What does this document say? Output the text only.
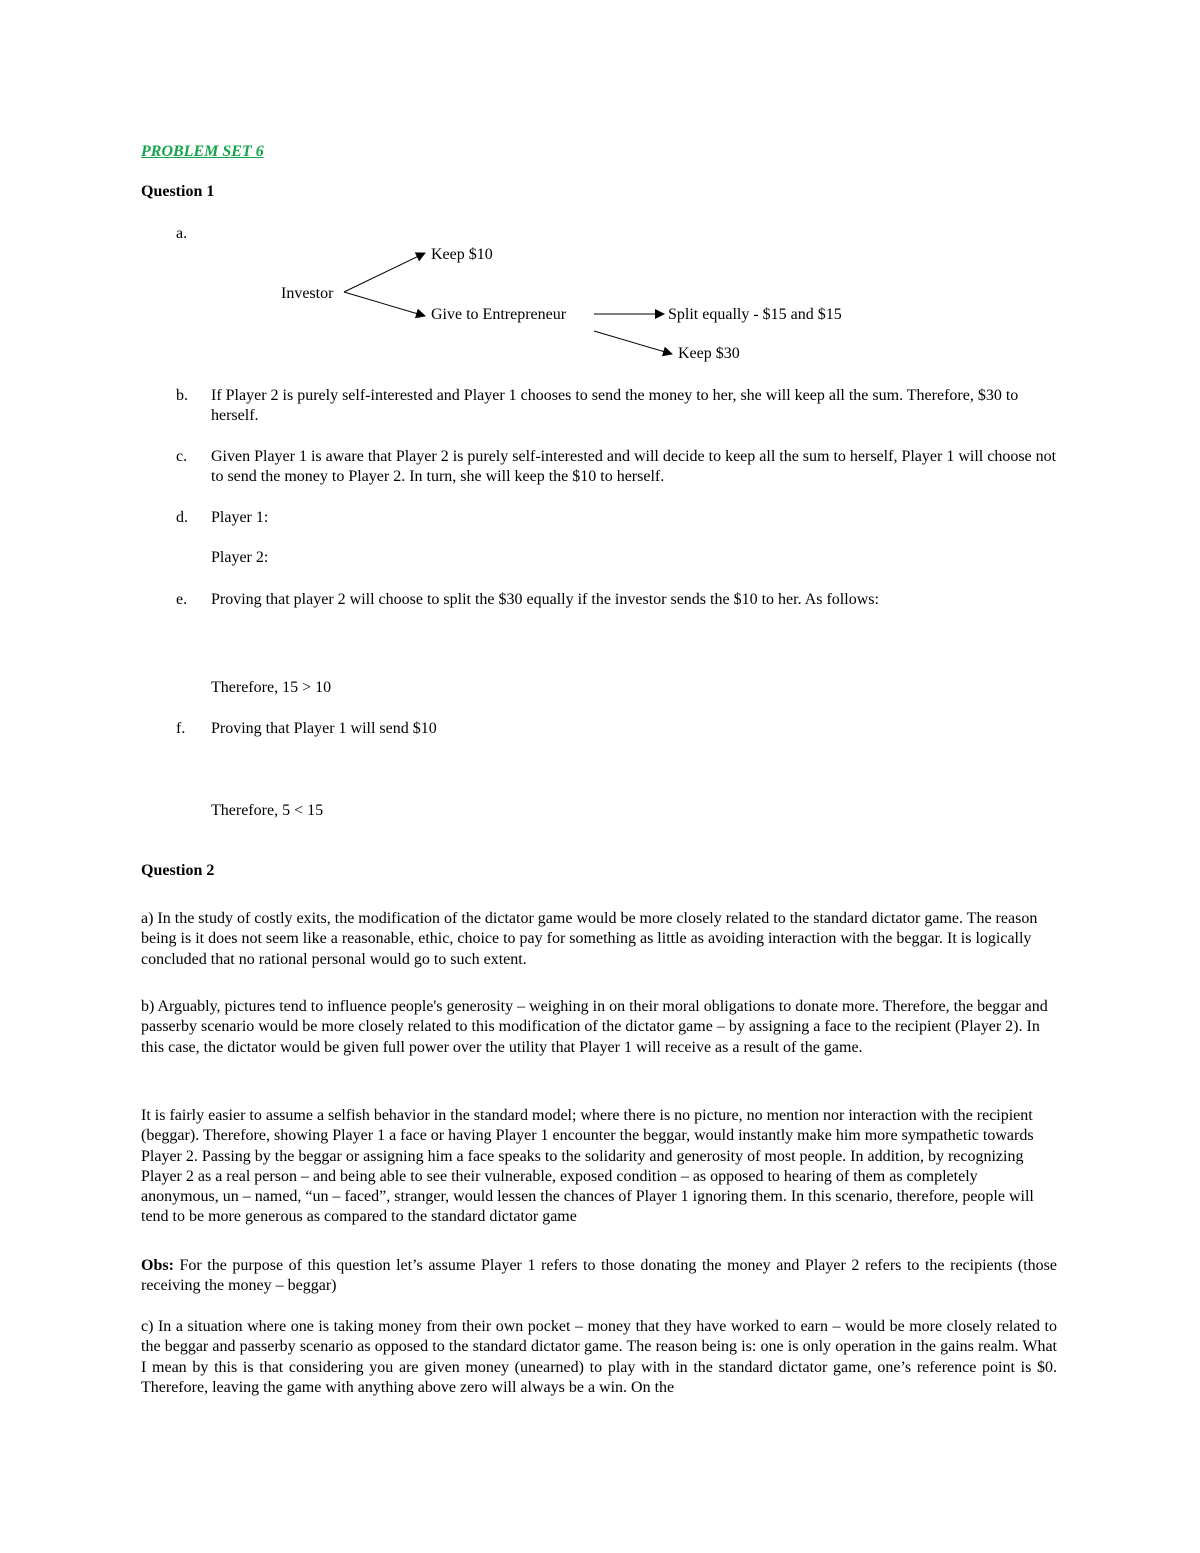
PROBLEM SET 6
Question 1
a.
Keep $10
Investor
Give to Entrepreneur	Split equally - $15 and $15
Keep $30
b. If Player 2 is purely self-interested and Player 1 chooses to send the money to her, she will keep all the sum. Therefore, $30 to herself.
c. Given Player 1 is aware that Player 2 is purely self-interested and will decide to keep all the sum to herself, Player 1 will choose not to send the money to Player 2. In turn, she will keep the $10 to herself.
d. Player 1:
Player 2:
e. Proving that player 2 will choose to split the $30 equally if the investor sends the $10 to her. As follows:
Therefore, 15 > 10
f. Proving that Player 1 will send $10
Therefore, 5 < 15
Question 2
a) In the study of costly exits, the modification of the dictator game would be more closely related to the standard dictator game. The reason being is it does not seem like a reasonable, ethic, choice to pay for something as little as avoiding interaction with the beggar. It is logically concluded that no rational personal would go to such extent.
b) Arguably, pictures tend to influence people's generosity – weighing in on their moral obligations to donate more. Therefore, the beggar and passerby scenario would be more closely related to this modification of the dictator game – by assigning a face to the recipient (Player 2). In this case, the dictator would be given full power over the utility that Player 1 will receive as a result of the game.
It is fairly easier to assume a selfish behavior in the standard model; where there is no picture, no mention nor interaction with the recipient (beggar). Therefore, showing Player 1 a face or having Player 1 encounter the beggar, would instantly make him more sympathetic towards Player 2. Passing by the beggar or assigning him a face speaks to the solidarity and generosity of most people. In addition, by recognizing Player 2 as a real person – and being able to see their vulnerable, exposed condition – as opposed to hearing of them as completely anonymous, un – named, “un – faced”, stranger, would lessen the chances of Player 1 ignoring them. In this scenario, therefore, people will tend to be more generous as compared to the standard dictator game
Obs: For the purpose of this question let’s assume Player 1 refers to those donating the money and Player 2 refers to the recipients (those receiving the money – beggar)
c) In a situation where one is taking money from their own pocket – money that they have worked to earn – would be more closely related to the beggar and passerby scenario as opposed to the standard dictator game. The reason being is: one is only operation in the gains realm. What I mean by this is that considering you are given money (unearned) to play with in the standard dictator game, one’s reference point is $0. Therefore, leaving the game with anything above zero will always be a win. On the
